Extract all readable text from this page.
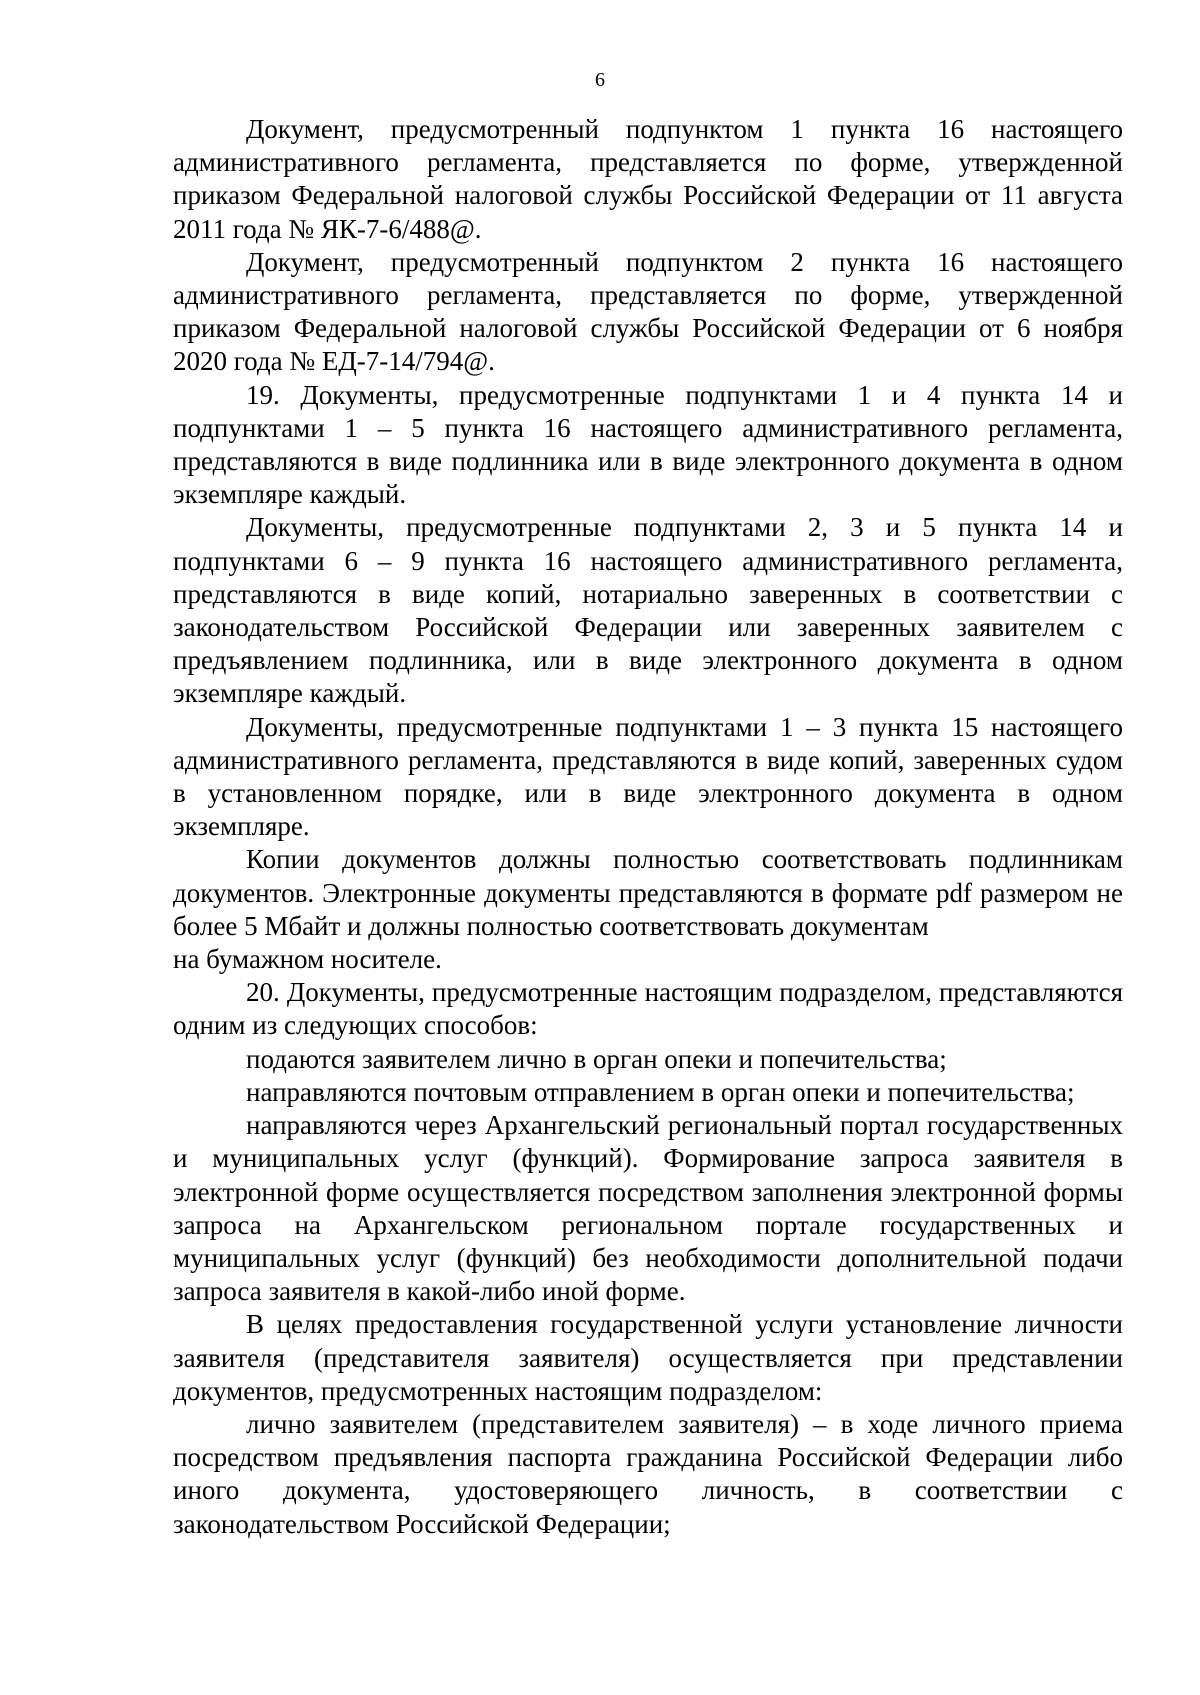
6

Документ, предусмотренный подпунктом 1 пункта 16 настоящего административного регламента, представляется по форме, утвержденной приказом Федеральной налоговой службы Российской Федерации от 11 августа 2011 года № ЯК-7-6/488@.

Документ, предусмотренный подпунктом 2 пункта 16 настоящего административного регламента, представляется по форме, утвержденной приказом Федеральной налоговой службы Российской Федерации от 6 ноября 2020 года № ЕД-7-14/794@.

19. Документы, предусмотренные подпунктами 1 и 4 пункта 14 и подпунктами 1 – 5 пункта 16 настоящего административного регламента, представляются в виде подлинника или в виде электронного документа в одном экземпляре каждый.

Документы, предусмотренные подпунктами 2, 3 и 5 пункта 14 и подпунктами 6 – 9 пункта 16 настоящего административного регламента, представляются в виде копий, нотариально заверенных в соответствии с законодательством Российской Федерации или заверенных заявителем с предъявлением подлинника, или в виде электронного документа в одном экземпляре каждый.

Документы, предусмотренные подпунктами 1 – 3 пункта 15 настоящего административного регламента, представляются в виде копий, заверенных судом в установленном порядке, или в виде электронного документа в одном экземпляре.

Копии документов должны полностью соответствовать подлинникам документов. Электронные документы представляются в формате pdf размером не более 5 Мбайт и должны полностью соответствовать документам

на бумажном носителе.

20. Документы, предусмотренные настоящим подразделом, представляются одним из следующих способов:

подаются заявителем лично в орган опеки и попечительства;

направляются почтовым отправлением в орган опеки и попечительства;

направляются через Архангельский региональный портал государственных и муниципальных услуг (функций). Формирование запроса заявителя в электронной форме осуществляется посредством заполнения электронной формы запроса на Архангельском региональном портале государственных и муниципальных услуг (функций) без необходимости дополнительной подачи запроса заявителя в какой-либо иной форме.

В целях предоставления государственной услуги установление личности заявителя (представителя заявителя) осуществляется при представлении документов, предусмотренных настоящим подразделом:

лично заявителем (представителем заявителя) – в ходе личного приема посредством предъявления паспорта гражданина Российской Федерации либо иного документа, удостоверяющего личность, в соответствии с законодательством Российской Федерации;
